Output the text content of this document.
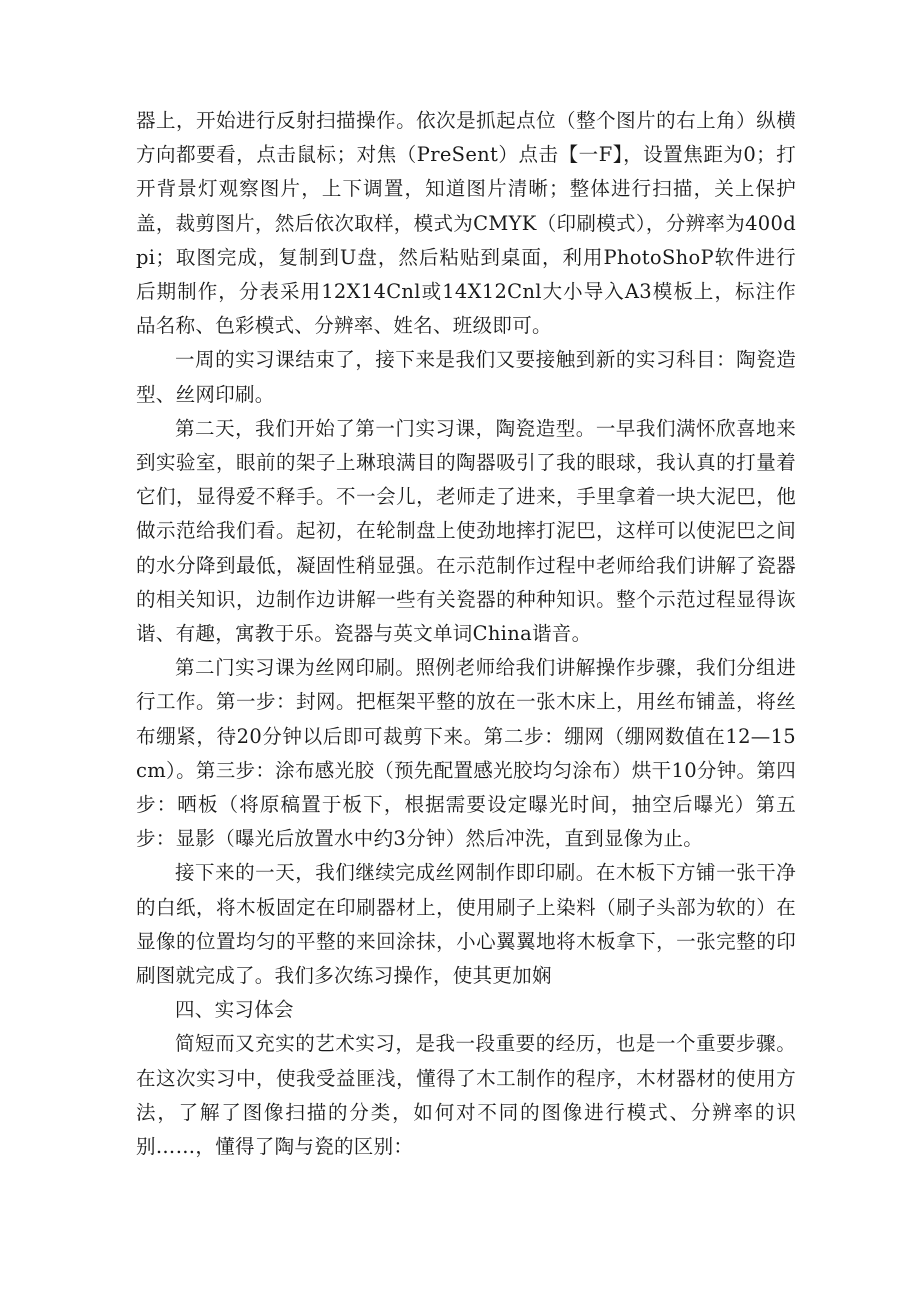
器上，开始进行反射扫描操作。依次是抓起点位（整个图片的右上角）纵横方向都要看，点击鼠标；对焦（PreSent）点击【一F】，设置焦距为0；打开背景灯观察图片，上下调置，知道图片清晰；整体进行扫描，关上保护盖，裁剪图片，然后依次取样，模式为CMYK（印刷模式），分辨率为400dpi；取图完成，复制到U盘，然后粘贴到桌面，利用PhotoShoP软件进行后期制作，分表采用12X14Cnl或14X12Cnl大小导入A3模板上，标注作品名称、色彩模式、分辨率、姓名、班级即可。

一周的实习课结束了，接下来是我们又要接触到新的实习科目：陶瓷造型、丝网印刷。

第二天，我们开始了第一门实习课，陶瓷造型。一早我们满怀欣喜地来到实验室，眼前的架子上琳琅满目的陶器吸引了我的眼球，我认真的打量着它们，显得爱不释手。不一会儿，老师走了进来，手里拿着一块大泥巴，他做示范给我们看。起初，在轮制盘上使劲地摔打泥巴，这样可以使泥巴之间的水分降到最低，凝固性稍显强。在示范制作过程中老师给我们讲解了瓷器的相关知识，边制作边讲解一些有关瓷器的种种知识。整个示范过程显得诙谐、有趣，寓教于乐。瓷器与英文单词China谐音。

第二门实习课为丝网印刷。照例老师给我们讲解操作步骤，我们分组进行工作。第一步：封网。把框架平整的放在一张木床上，用丝布铺盖，将丝布绷紧，待20分钟以后即可裁剪下来。第二步：绷网（绷网数值在12—15cm）。第三步：涂布感光胶（预先配置感光胶均匀涂布）烘干10分钟。第四步：晒板（将原稿置于板下，根据需要设定曝光时间，抽空后曝光）第五步：显影（曝光后放置水中约3分钟）然后冲洗，直到显像为止。

接下来的一天，我们继续完成丝网制作即印刷。在木板下方铺一张干净的白纸，将木板固定在印刷器材上，使用刷子上染料（刷子头部为软的）在显像的位置均匀的平整的来回涂抹，小心翼翼地将木板拿下，一张完整的印刷图就完成了。我们多次练习操作，使其更加娴

四、实习体会

简短而又充实的艺术实习，是我一段重要的经历，也是一个重要步骤。在这次实习中，使我受益匪浅，懂得了木工制作的程序，木材器材的使用方法，了解了图像扫描的分类，如何对不同的图像进行模式、分辨率的识别……，懂得了陶与瓷的区别：
